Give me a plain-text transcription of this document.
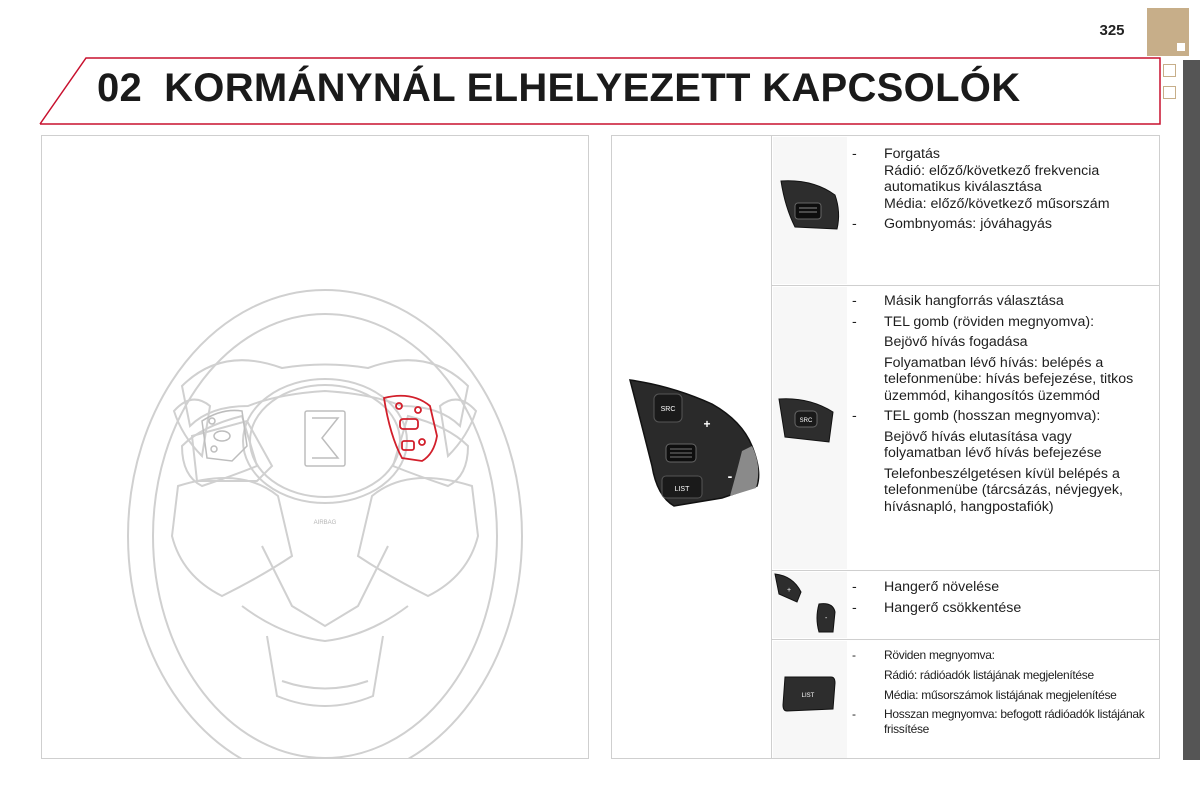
325
02 KORMÁNYNÁL ELHELYEZETT KAPCSOLÓK
AIRBAG
SRC
LIST
+
-
SRC
+
-
LIST
- Forgatás
Rádió: előző/következő frekvencia automatikus kiválasztása
Média: előző/következő műsorszám
- Gombnyomás: jóváhagyás
- Másik hangforrás választása
- TEL gomb (röviden megnyomva):
Bejövő hívás fogadása
Folyamatban lévő hívás: belépés a telefonmenübe: hívás befejezése, titkos üzemmód, kihangosítós üzemmód
- TEL gomb (hosszan megnyomva):
Bejövő hívás elutasítása vagy folyamatban lévő hívás befejezése
Telefonbeszélgetésen kívül belépés a telefonmenübe (tárcsázás, névjegyek, hívásnapló, hangpostafiók)
- Hangerő növelése
- Hangerő csökkentése
- Röviden megnyomva:
Rádió: rádióadók listájának megjelenítése
Média: műsorszámok listájának megjelenítése
- Hosszan megnyomva: befogott rádióadók listájának frissítése
